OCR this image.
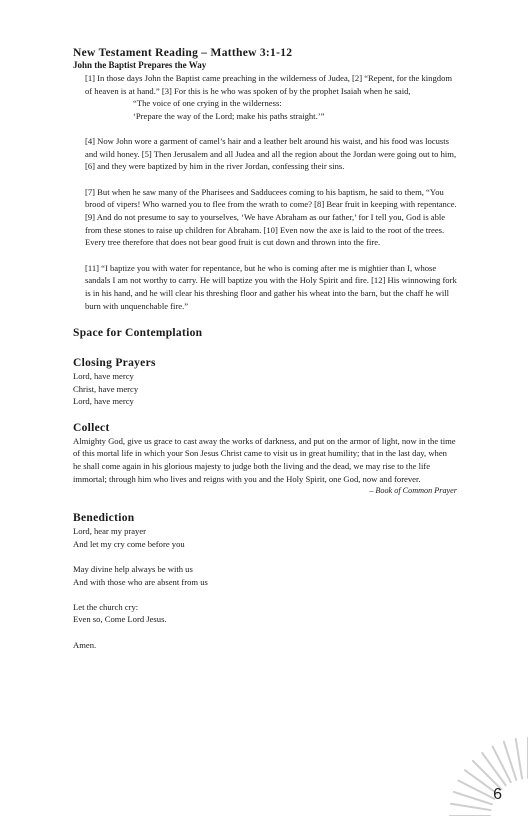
New Testament Reading – Matthew 3:1-12
John the Baptist Prepares the Way

[1] In those days John the Baptist came preaching in the wilderness of Judea, [2] “Repent, for the kingdom of heaven is at hand.” [3] For this is he who was spoken of by the prophet Isaiah when he said,

“The voice of one crying in the wilderness:

‘Prepare the way of the Lord; make his paths straight.’”

[4] Now John wore a garment of camel’s hair and a leather belt around his waist, and his food was locusts and wild honey. [5] Then Jerusalem and all Judea and all the region about the Jordan were going out to him, [6] and they were baptized by him in the river Jordan, confessing their sins.

[7] But when he saw many of the Pharisees and Sadducees coming to his baptism, he said to them, “You brood of vipers! Who warned you to flee from the wrath to come? [8] Bear fruit in keeping with repentance. [9] And do not presume to say to yourselves, ‘We have Abraham as our father,’ for I tell you, God is able from these stones to raise up children for Abraham. [10] Even now the axe is laid to the root of the trees. Every tree therefore that does not bear good fruit is cut down and thrown into the fire.

[11] “I baptize you with water for repentance, but he who is coming after me is mightier than I, whose sandals I am not worthy to carry. He will baptize you with the Holy Spirit and fire. [12] His winnowing fork is in his hand, and he will clear his threshing floor and gather his wheat into the barn, but the chaff he will burn with unquenchable fire.”

Space for Contemplation
Closing Prayers

Lord, have mercy

Christ, have mercy

Lord, have mercy

Collect

Almighty God, give us grace to cast away the works of darkness, and put on the armor of light, now in the time of this mortal life in which your Son Jesus Christ came to visit us in great humility; that in the last day, when he shall come again in his glorious majesty to judge both the living and the dead, we may rise to the life immortal; through him who lives and reigns with you and the Holy Spirit, one God, now and forever.

– Book of Common Prayer

Benediction

Lord, hear my prayer

And let my cry come before you

May divine help always be with us

And with those who are absent from us

Let the church cry:

Even so, Come Lord Jesus.

Amen.

6
